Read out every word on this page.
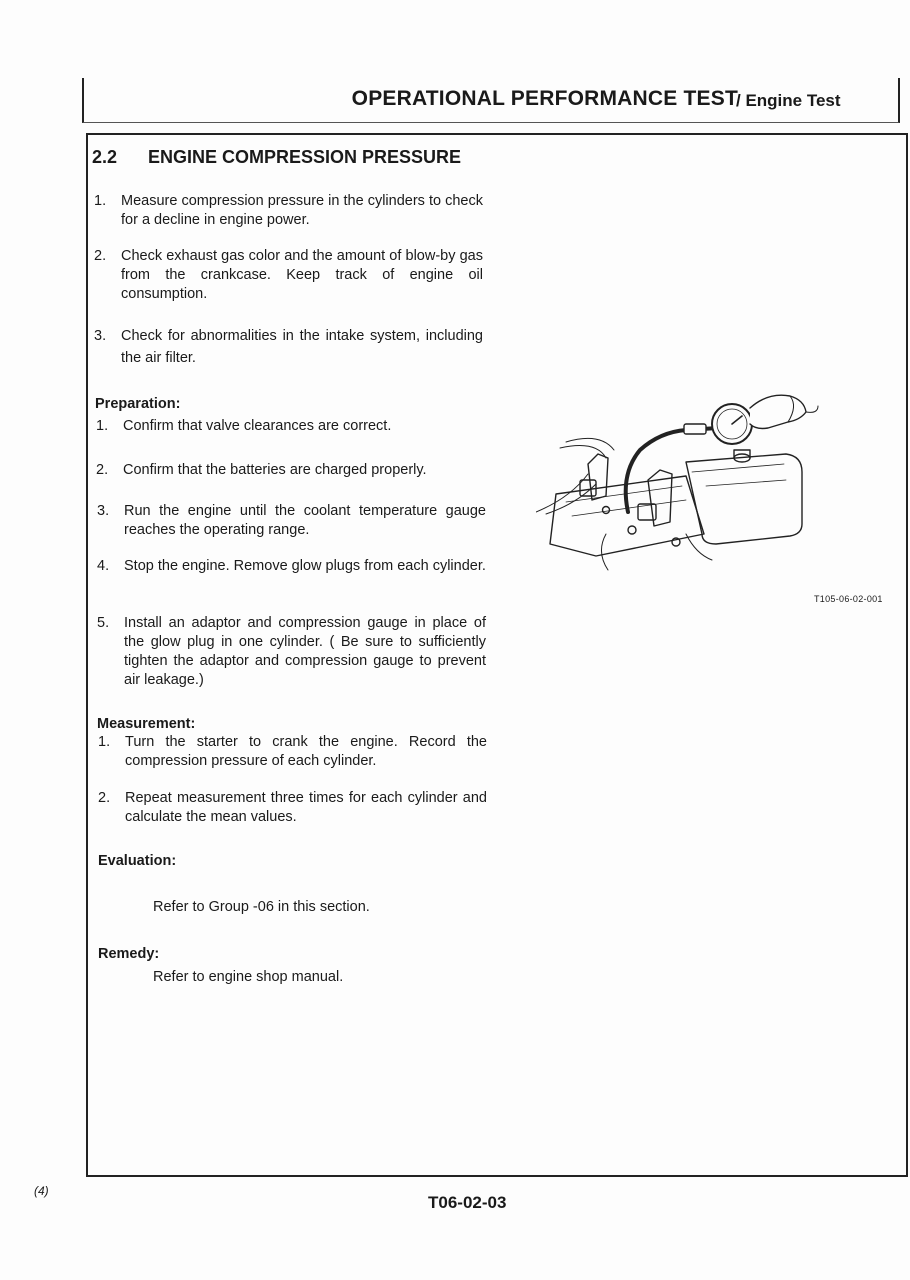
OPERATIONAL PERFORMANCE TEST
/ Engine Test
2.2 ENGINE COMPRESSION PRESSURE
1. Measure compression pressure in the cylinders to check for a decline in engine power.
2. Check exhaust gas color and the amount of blow-by gas from the crankcase. Keep track of engine oil consumption.
3. Check for abnormalities in the intake system, including the air filter.
Preparation:
1. Confirm that valve clearances are correct.
2. Confirm that the batteries are charged properly.
3. Run the engine until the coolant temperature gauge reaches the operating range.
4. Stop the engine. Remove glow plugs from each cylinder.
5. Install an adaptor and compression gauge in place of the glow plug in one cylinder. ( Be sure to sufficiently tighten the adaptor and compression gauge to prevent air leakage.)
Measurement:
1. Turn the starter to crank the engine. Record the compression pressure of each cylinder.
2. Repeat measurement three times for each cylinder and calculate the mean values.
Evaluation:
Refer to Group -06 in this section.
Remedy:
Refer to engine shop manual.
T105-06-02-001
(4)
T06-02-03
